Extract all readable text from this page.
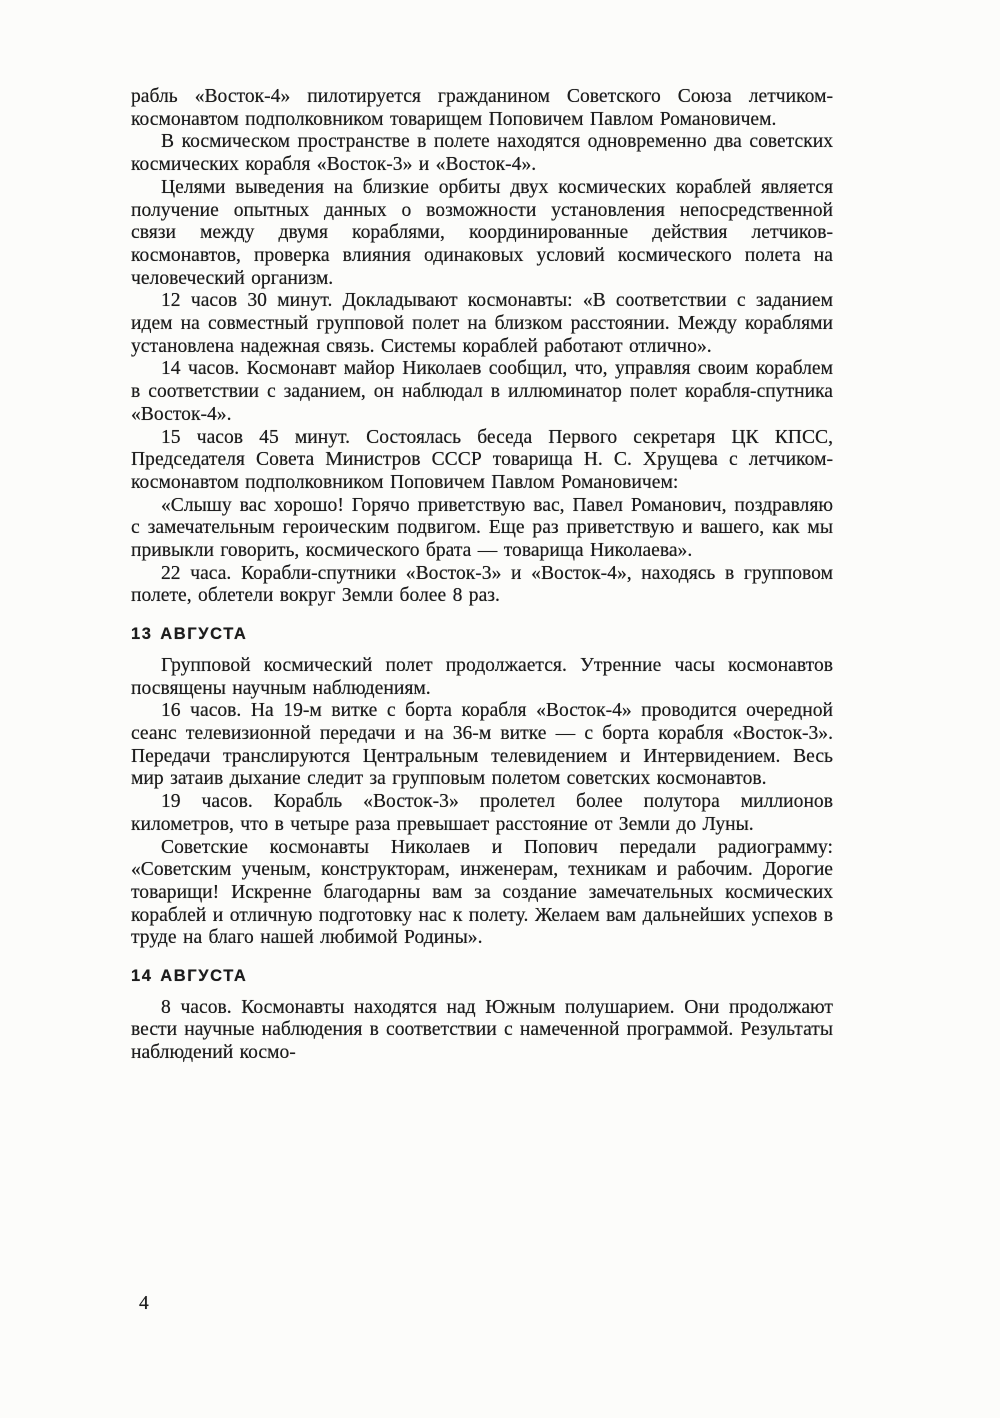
рабль «Восток-4» пилотируется гражданином Советского Союза летчиком-космонавтом подполковником товарищем Поповичем Павлом Романовичем.

В космическом пространстве в полете находятся одновременно два советских космических корабля «Восток-3» и «Восток-4».

Целями выведения на близкие орбиты двух космических кораблей является получение опытных данных о возможности установления непосредственной связи между двумя кораблями, координированные действия летчиков-космонавтов, проверка влияния одинаковых условий космического полета на человеческий организм.

12 часов 30 минут. Докладывают космонавты: «В соответствии с заданием идем на совместный групповой полет на близком расстоянии. Между кораблями установлена надежная связь. Системы кораблей работают отлично».

14 часов. Космонавт майор Николаев сообщил, что, управляя своим кораблем в соответствии с заданием, он наблюдал в иллюминатор полет корабля-спутника «Восток-4».

15 часов 45 минут. Состоялась беседа Первого секретаря ЦК КПСС, Председателя Совета Министров СССР товарища Н. С. Хрущева с летчиком-космонавтом подполковником Поповичем Павлом Романовичем:

«Слышу вас хорошо! Горячо приветствую вас, Павел Романович, поздравляю с замечательным героическим подвигом. Еще раз приветствую и вашего, как мы привыкли говорить, космического брата — товарища Николаева».

22 часа. Корабли-спутники «Восток-3» и «Восток-4», находясь в групповом полете, облетели вокруг Земли более 8 раз.

13 АВГУСТА

Групповой космический полет продолжается. Утренние часы космонавтов посвящены научным наблюдениям.

16 часов. На 19-м витке с борта корабля «Восток-4» проводится очередной сеанс телевизионной передачи и на 36-м витке — с борта корабля «Восток-3». Передачи транслируются Центральным телевидением и Интервидением. Весь мир затаив дыхание следит за групповым полетом советских космонавтов.

19 часов. Корабль «Восток-3» пролетел более полутора миллионов километров, что в четыре раза превышает расстояние от Земли до Луны.

Советские космонавты Николаев и Попович передали радиограмму: «Советским ученым, конструкторам, инженерам, техникам и рабочим. Дорогие товарищи! Искренне благодарны вам за создание замечательных космических кораблей и отличную подготовку нас к полету. Желаем вам дальнейших успехов в труде на благо нашей любимой Родины».

14 АВГУСТА

8 часов. Космонавты находятся над Южным полушарием. Они продолжают вести научные наблюдения в соответствии с намеченной программой. Результаты наблюдений космо-

4
